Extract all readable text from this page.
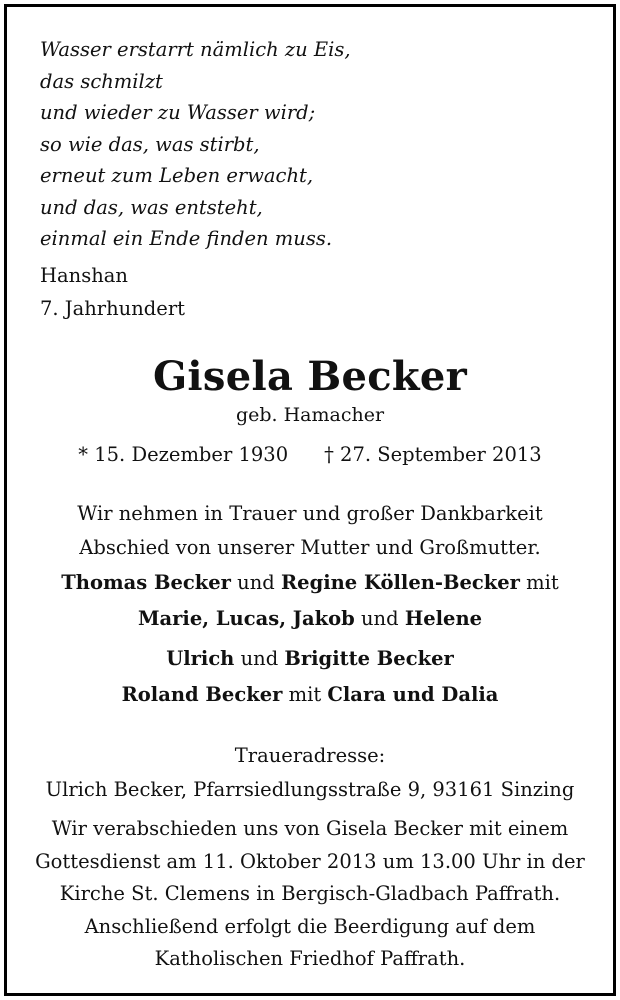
Wasser erstarrt nämlich zu Eis,
das schmilzt
und wieder zu Wasser wird;
so wie das, was stirbt,
erneut zum Leben erwacht,
und das, was entsteht,
einmal ein Ende finden muss.
Hanshan
7. Jahrhundert
Gisela Becker
geb. Hamacher
* 15. Dezember 1930 † 27. September 2013
Wir nehmen in Trauer und großer Dankbarkeit
Abschied von unserer Mutter und Großmutter.
Thomas Becker und Regine Köllen-Becker mit
Marie, Lucas, Jakob und Helene
Ulrich und Brigitte Becker
Roland Becker mit Clara und Dalia
Traueradresse:
Ulrich Becker, Pfarrsiedlungsstraße 9, 93161 Sinzing
Wir verabschieden uns von Gisela Becker mit einem
Gottesdienst am 11. Oktober 2013 um 13.00 Uhr in der
Kirche St. Clemens in Bergisch-Gladbach Paffrath.
Anschließend erfolgt die Beerdigung auf dem
Katholischen Friedhof Paffrath.
